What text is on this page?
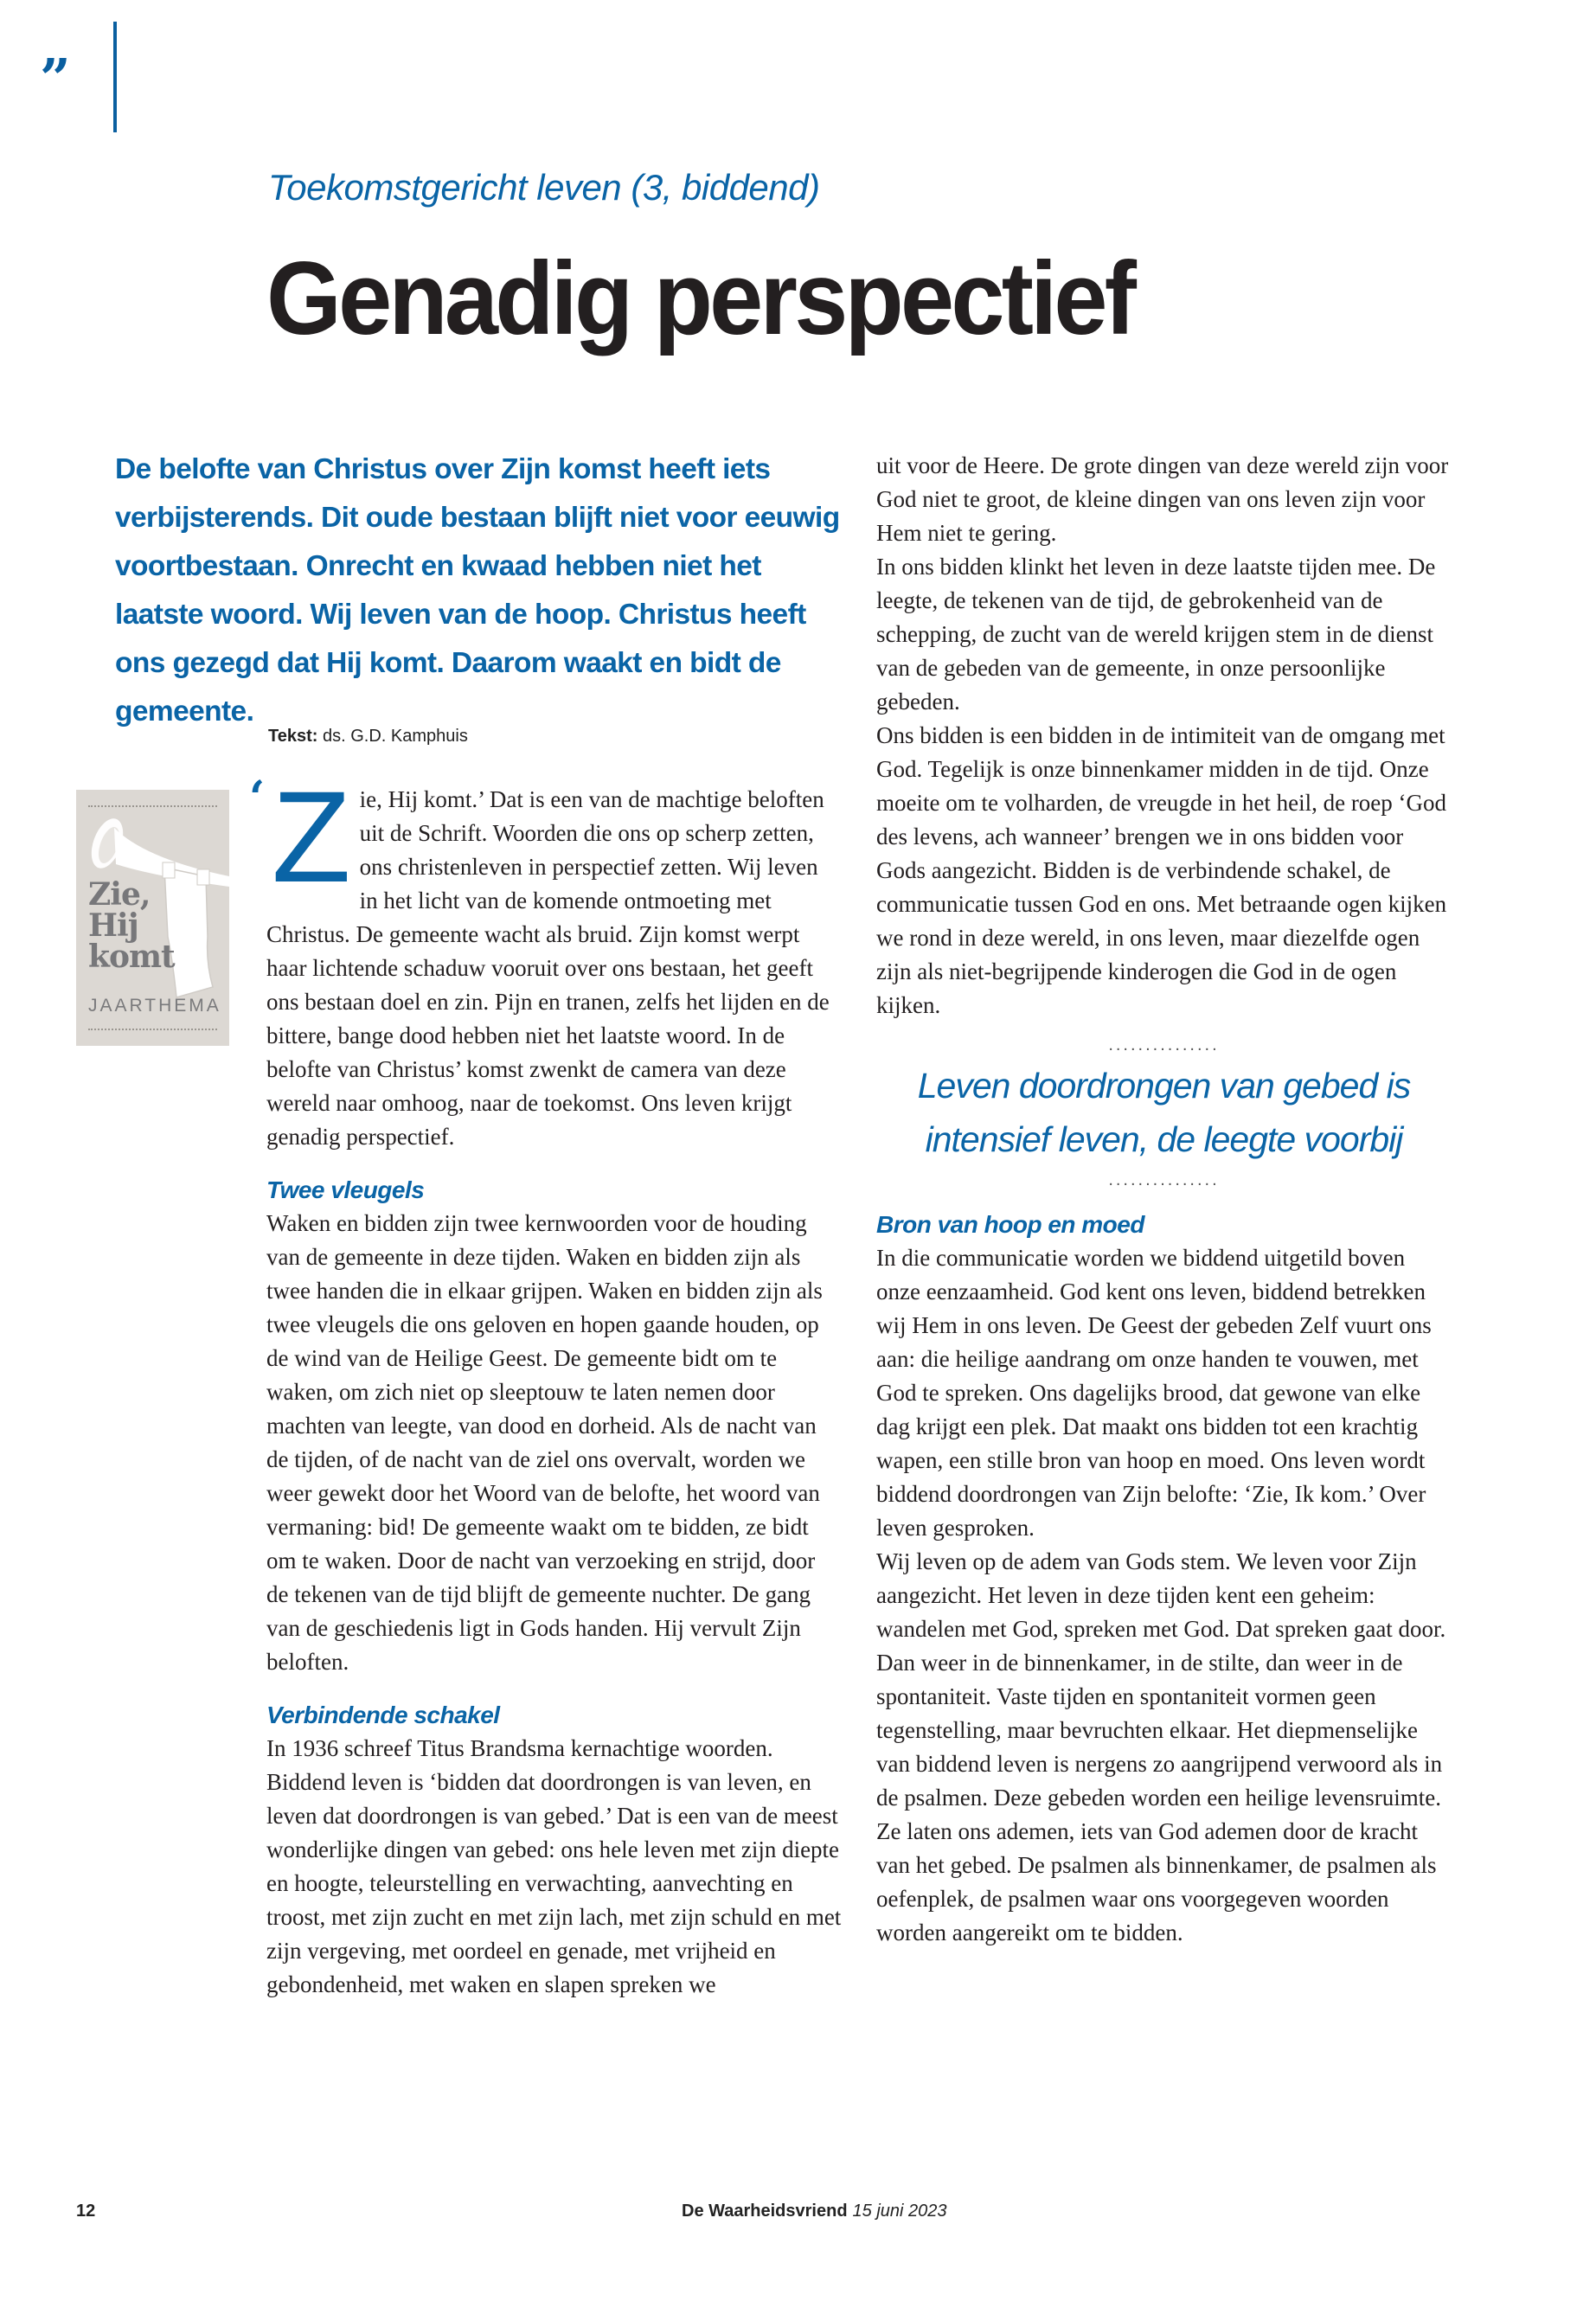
”
Toekomstgericht leven (3, biddend)
Genadig perspectief
De belofte van Christus over Zijn komst heeft iets verbijsterends. Dit oude bestaan blijft niet voor eeuwig voortbestaan. Onrecht en kwaad hebben niet het laatste woord. Wij leven van de hoop. Christus heeft ons gezegd dat Hij komt. Daarom waakt en bidt de gemeente.
Tekst: ds. G.D. Kamphuis
Zie,
Hij
komt
JAARTHEMA
‘ Z ie, Hij komt.’ Dat is een van de machtige beloften uit de Schrift. Woorden die ons op scherp zetten, ons christenleven in perspectief zetten. Wij leven in het licht van de komende ontmoeting met Christus. De gemeente wacht als bruid. Zijn komst werpt haar lichtende schaduw vooruit over ons bestaan, het geeft ons bestaan doel en zin. Pijn en tranen, zelfs het lijden en de bittere, bange dood hebben niet het laatste woord. In de belofte van Christus’ komst zwenkt de camera van deze wereld naar omhoog, naar de toekomst. Ons leven krijgt genadig perspectief.

Twee vleugels

Waken en bidden zijn twee kernwoorden voor de houding van de gemeente in deze tijden. Waken en bidden zijn als twee handen die in elkaar grijpen. Waken en bidden zijn als twee vleugels die ons geloven en hopen gaande houden, op de wind van de Heilige Geest. De gemeente bidt om te waken, om zich niet op sleeptouw te laten nemen door machten van leegte, van dood en dorheid. Als de nacht van de tijden, of de nacht van de ziel ons overvalt, worden we weer gewekt door het Woord van de belofte, het woord van vermaning: bid! De gemeente waakt om te bidden, ze bidt om te waken. Door de nacht van verzoeking en strijd, door de tekenen van de tijd blijft de gemeente nuchter. De gang van de geschiedenis ligt in Gods handen. Hij vervult Zijn beloften.

Verbindende schakel

In 1936 schreef Titus Brandsma kernachtige woorden. Biddend leven is ‘bidden dat doordrongen is van leven, en leven dat doordrongen is van gebed.’ Dat is een van de meest wonderlijke dingen van gebed: ons hele leven met zijn diepte en hoogte, teleurstelling en verwachting, aanvechting en troost, met zijn zucht en met zijn lach, met zijn schuld en met zijn vergeving, met oordeel en genade, met vrijheid en gebondenheid, met waken en slapen spreken we

uit voor de Heere. De grote dingen van deze wereld zijn voor God niet te groot, de kleine dingen van ons leven zijn voor Hem niet te gering.

In ons bidden klinkt het leven in deze laatste tijden mee. De leegte, de tekenen van de tijd, de gebrokenheid van de schepping, de zucht van de wereld krijgen stem in de dienst van de gebeden van de gemeente, in onze persoonlijke gebeden.

Ons bidden is een bidden in de intimiteit van de omgang met God. Tegelijk is onze binnenkamer midden in de tijd. Onze moeite om te volharden, de vreugde in het heil, de roep ‘God des levens, ach wanneer’ brengen we in ons bidden voor Gods aangezicht. Bidden is de verbindende schakel, de communicatie tussen God en ons. Met betraande ogen kijken we rond in deze wereld, in ons leven, maar diezelfde ogen zijn als niet-begrijpende kinderogen die God in de ogen kijken.

...............
Leven doordrongen van gebed is
intensief leven, de leegte voorbij
...............

Bron van hoop en moed

In die communicatie worden we biddend uitgetild boven onze eenzaamheid. God kent ons leven, biddend betrekken wij Hem in ons leven. De Geest der gebeden Zelf vuurt ons aan: die heilige aandrang om onze handen te vouwen, met God te spreken. Ons dagelijks brood, dat gewone van elke dag krijgt een plek. Dat maakt ons bidden tot een krachtig wapen, een stille bron van hoop en moed. Ons leven wordt biddend doordrongen van Zijn belofte: ‘Zie, Ik kom.’ Over leven gesproken.

Wij leven op de adem van Gods stem. We leven voor Zijn aangezicht. Het leven in deze tijden kent een geheim: wandelen met God, spreken met God. Dat spreken gaat door. Dan weer in de binnenkamer, in de stilte, dan weer in de spontaniteit. Vaste tijden en spontaniteit vormen geen tegenstelling, maar bevruchten elkaar. Het diepmenselijke van biddend leven is nergens zo aangrijpend verwoord als in de psalmen. Deze gebeden worden een heilige levensruimte. Ze laten ons ademen, iets van God ademen door de kracht van het gebed. De psalmen als binnenkamer, de psalmen als oefenplek, de psalmen waar ons voorgegeven woorden worden aangereikt om te bidden.

12	De Waarheidsvriend 15 juni 2023
